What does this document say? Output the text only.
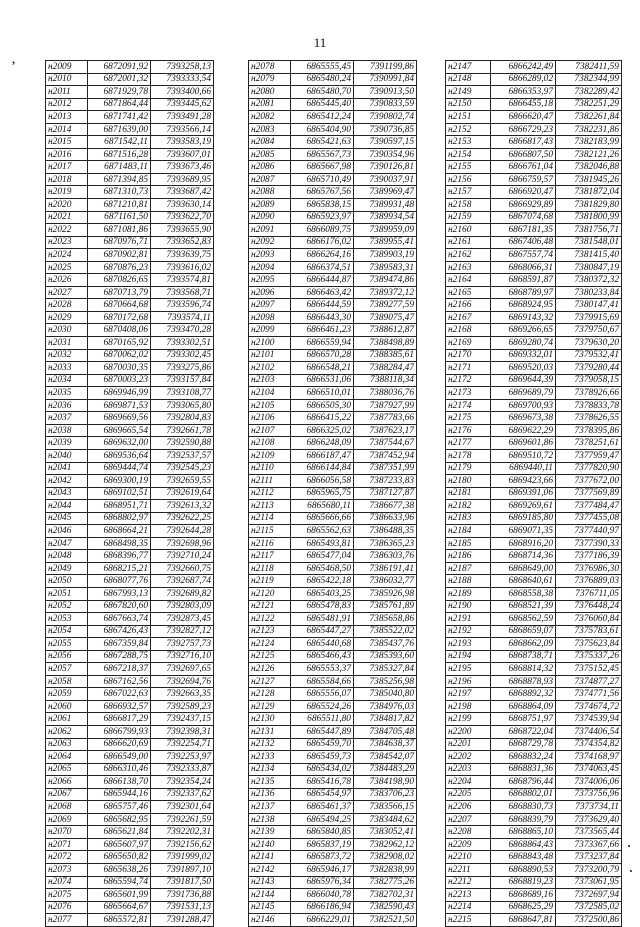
11
,
н2009	6872091,92	7393258,13
н2010	6872001,32	7393333,54
н2011	6871929,78	7393400,66
н2012	6871864,44	7393445,62
н2013	6871741,42	7393491,28
н2014	6871639,00	7393566,14
н2015	6871542,11	7393583,19
н2016	6871516,28	7393607,01
н2017	6871483,11	7393673,46
н2018	6871394,85	7393689,95
н2019	6871310,73	7393687,42
н2020	6871210,81	7393630,14
н2021	6871161,50	7393622,70
н2022	6871081,86	7393655,90
н2023	6870976,71	7393652,83
н2024	6870902,81	7393639,75
н2025	6870876,23	7393616,02
н2026	6870826,65	7393574,81
н2027	6870713,79	7393568,71
н2028	6870664,68	7393596,74
н2029	6870172,68	7393574,11
н2030	6870408,06	7393470,28
н2031	6870165,92	7393302,51
н2032	6870062,02	7393302,45
н2033	6870030,35	7393275,86
н2034	6870003,23	7393157,84
н2035	6869946,99	7393108,77
н2036	6869871,53	7393065,80
н2037	6869669,56	7392804,83
н2038	6869665,54	7392661,78
н2039	6869632,00	7392590,88
н2040	6869536,64	7392537,57
н2041	6869444,74	7392545,23
н2042	6869300,19	7392659,55
н2043	6869102,51	7392619,64
н2044	6868951,71	7392613,32
н2045	6868802,97	7392622,25
н2046	6868664,21	7392644,28
н2047	6868498,35	7392698,96
н2048	6868396,77	7392710,24
н2049	6868215,21	7392660,75
н2050	6868077,76	7392687,74
н2051	6867993,13	7392689,82
н2052	6867820,60	7392803,09
н2053	6867663,74	7392873,45
н2054	6867426,43	7392827,12
н2055	6867359,84	7392757,73
н2056	6867288,75	7392716,10
н2057	6867218,37	7392697,65
н2058	6867162,56	7392694,76
н2059	6867022,63	7392663,35
н2060	6866932,57	7392589,23
н2061	6866817,29	7392437,15
н2062	6866799,93	7392398,31
н2063	6866620,69	7392254,71
н2064	6866549,00	7392253,97
н2065	6866310,46	7392333,87
н2066	6866138,70	7392354,24
н2067	6865944,16	7392337,62
н2068	6865757,46	7392301,64
н2069	6865682,95	7392261,59
н2070	6865621,84	7392202,31
н2071	6865607,97	7392156,62
н2072	6865650,82	7391999,02
н2073	6865638,26	7391897,10
н2074	6865594,74	7391817,50
н2075	6865601,99	7391736,88
н2076	6865664,67	7391531,13
н2077	6865572,81	7391288,47
н2078	6865555,45	7391199,86
н2079	6865480,24	7390991,84
н2080	6865480,70	7390913,50
н2081	6865445,40	7390833,59
н2082	6865412,24	7390802,74
н2083	6865404,90	7390736,85
н2084	6865421,63	7390597,15
н2085	6865567,73	7390354,96
н2086	6865667,98	7390126,81
н2087	6865710,49	7390037,91
н2088	6865767,56	7389969,47
н2089	6865838,15	7389931,48
н2090	6865923,97	7389934,54
н2091	6866089,75	7389959,09
н2092	6866176,02	7389955,41
н2093	6866264,16	7389903,19
н2094	6866374,51	7389583,31
н2095	6866444,87	7389474,86
н2096	6866463,42	7389372,12
н2097	6866444,59	7389277,59
н2098	6866443,30	7389075,47
н2099	6866461,23	7388612,87
н2100	6866559,94	7388498,89
н2101	6866570,28	7388385,61
н2102	6866548,21	7388284,47
н2103	6866531,06	7388118,34
н2104	6866510,01	7388036,76
н2105	6866505,30	7387927,99
н2106	6866415,22	7387783,66
н2107	6866325,02	7387623,17
н2108	6866248,09	7387544,67
н2109	6866187,47	7387452,94
н2110	6866144,84	7387351,99
н2111	6866056,58	7387233,83
н2112	6865965,75	7387127,87
н2113	6865680,11	7386677,38
н2114	6865666,66	7386633,96
н2115	6865562,63	7386488,35
н2116	6865493,81	7386365,23
н2117	6865477,04	7386303,76
н2118	6865468,50	7386191,41
н2119	6865422,18	7386032,77
н2120	6865403,25	7385926,98
н2121	6865478,83	7385761,89
н2122	6865481,91	7385658,86
н2123	6865447,27	7385522,02
н2124	6865440,68	7385437,76
н2125	6865466,43	7385393,60
н2126	6865553,37	7385327,84
н2127	6865584,66	7385256,98
н2128	6865556,07	7385040,80
н2129	6865524,26	7384976,03
н2130	6865511,80	7384817,82
н2131	6865447,89	7384705,48
н2132	6865459,70	7384638,37
н2133	6865459,73	7384542,07
н2134	6865434,02	7384483,29
н2135	6865416,78	7384198,90
н2136	6865454,97	7383706,23
н2137	6865461,37	7383566,15
н2138	6865494,25	7383484,62
н2139	6865840,85	7383052,41
н2140	6865837,19	7382962,12
н2141	6865873,72	7382908,02
н2142	6865946,17	7382838,99
н2143	6865976,34	7382775,26
н2144	6866040,78	7382702,31
н2145	6866186,94	7382590,43
н2146	6866229,01	7382521,50
н2147	6866242,49	7382411,59
н2148	6866289,02	7382344,99
н2149	6866353,97	7382289,42
н2150	6866455,18	7382251,29
н2151	6866620,47	7382261,84
н2152	6866729,23	7382231,86
н2153	6866817,43	7382183,99
н2154	6866807,50	7382121,26
н2155	6866761,04	7382046,88
н2156	6866759,57	7381945,26
н2157	6866920,47	7381872,04
н2158	6866929,89	7381829,80
н2159	6867074,68	7381800,99
н2160	6867181,35	7381756,71
н2161	6867406,48	7381548,01
н2162	6867557,74	7381415,40
н2163	6868066,31	7380847,19
н2164	6868591,87	7380372,32
н2165	6868789,97	7380233,84
н2166	6868924,95	7380147,41
н2167	6869143,32	7379915,69
н2168	6869266,65	7379750,67
н2169	6869280,74	7379630,20
н2170	6869332,01	7379532,41
н2171	6869520,03	7379280,44
н2172	6869644,39	7379058,15
н2173	6869689,79	7378926,66
н2174	6869700,93	7378833,78
н2175	6869673,38	7378626,55
н2176	6869622,29	7378395,86
н2177	6869601,86	7378251,61
н2178	6869510,72	7377959,47
н2179	6869440,11	7377820,90
н2180	6869423,66	7377672,00
н2181	6869391,06	7377569,89
н2182	6869269,61	7377484,47
н2183	6869185,80	7377455,08
н2184	6869071,35	7377440,97
н2185	6868916,20	7377390,33
н2186	6868714,36	7377186,39
н2187	6868649,00	7376986,30
н2188	6868640,61	7376889,03
н2189	6868558,38	7376711,05
н2190	6868521,39	7376448,24
н2191	6868562,59	7376060,84
н2192	6868659,07	7375783,61
н2193	6868662,09	7375623,84
н2194	6868738,71	7375337,26
н2195	6868814,32	7375152,45
н2196	6868878,93	7374877,27
н2197	6868892,32	7374771,56
н2198	6868864,09	7374674,72
н2199	6868751,97	7374539,94
н2200	6868722,04	7374406,54
н2201	6868729,78	7374354,82
н2202	6868832,24	7374168,97
н2203	6868831,36	7374063,45
н2204	6868796,44	7374006,06
н2205	6868802,01	7373756,96
н2206	6868830,73	7373734,11
н2207	6868839,79	7373629,40
н2208	6868865,10	7373565,44
н2209	6868864,43	7373367,66
н2210	6868843,48	7373237,84
н2211	6868890,53	7373200,79
н2212	6868819,23	7373061,95
н2213	6868689,16	7372697,94
н2214	6868625,29	7372585,02
н2215	6868647,81	7372500,86
